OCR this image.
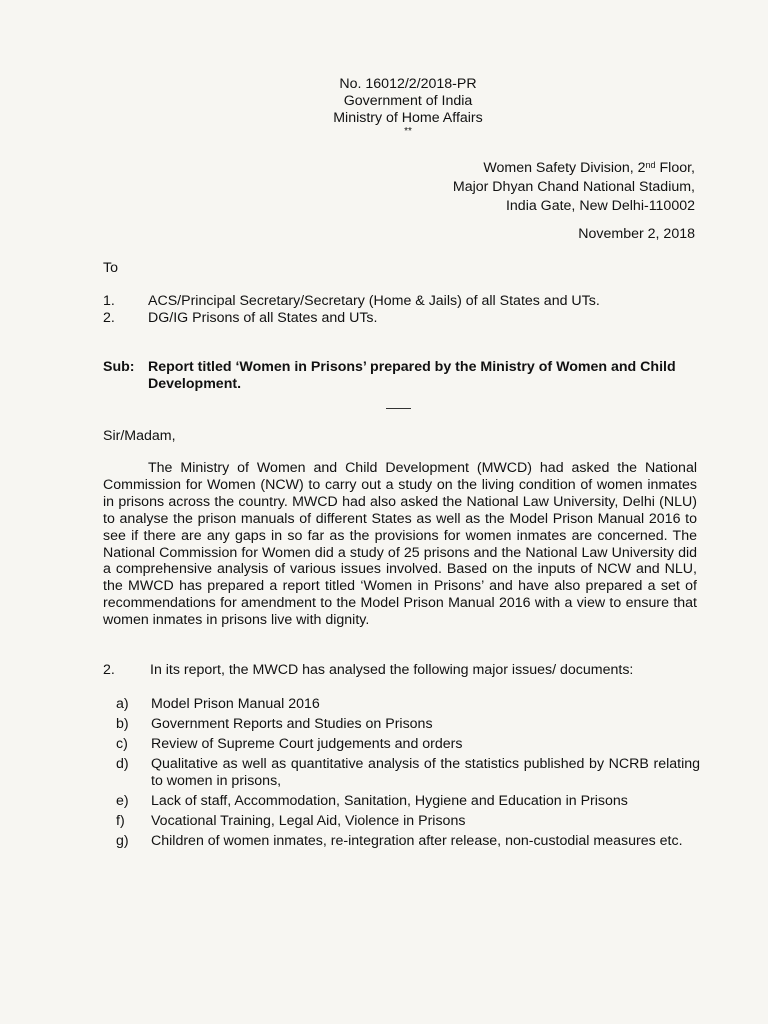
No. 16012/2/2018-PR
Government of India
Ministry of Home Affairs
**
Women Safety Division, 2nd Floor,
Major Dhyan Chand National Stadium,
India Gate, New Delhi-110002
November 2, 2018
To
1.	ACS/Principal Secretary/Secretary (Home & Jails) of all States and UTs.
2.	DG/IG Prisons of all States and UTs.
Sub: Report titled ‘Women in Prisons’ prepared by the Ministry of Women and Child Development.
Sir/Madam,
The Ministry of Women and Child Development (MWCD) had asked the National Commission for Women (NCW) to carry out a study on the living condition of women inmates in prisons across the country. MWCD had also asked the National Law University, Delhi (NLU) to analyse the prison manuals of different States as well as the Model Prison Manual 2016 to see if there are any gaps in so far as the provisions for women inmates are concerned. The National Commission for Women did a study of 25 prisons and the National Law University did a comprehensive analysis of various issues involved. Based on the inputs of NCW and NLU, the MWCD has prepared a report titled ‘Women in Prisons’ and have also prepared a set of recommendations for amendment to the Model Prison Manual 2016 with a view to ensure that women inmates in prisons live with dignity.
2.	In its report, the MWCD has analysed the following major issues/ documents:
a)	Model Prison Manual 2016
b)	Government Reports and Studies on Prisons
c)	Review of Supreme Court judgements and orders
d)	Qualitative as well as quantitative analysis of the statistics published by NCRB relating to women in prisons,
e)	Lack of staff, Accommodation, Sanitation, Hygiene and Education in Prisons
f)	Vocational Training, Legal Aid, Violence in Prisons
g)	Children of women inmates, re-integration after release, non-custodial measures etc.
